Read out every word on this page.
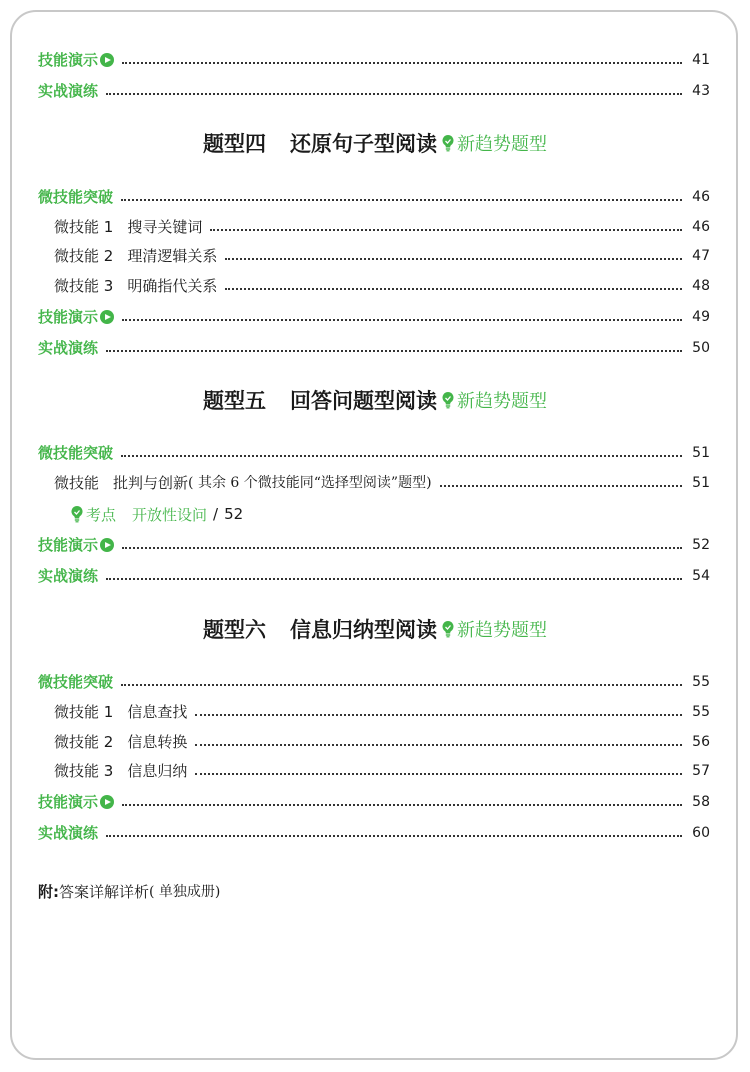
技能演示	41
实战演练	43
题型四 还原句子型阅读 新趋势题型
微技能突破	46
微技能 1 搜寻关键词	46
微技能 2 理清逻辑关系	47
微技能 3 明确指代关系	48
技能演示	49
实战演练	50
题型五 回答问题型阅读 新趋势题型
微技能突破	51
微技能 批判与创新 ( 其余 6 个微技能同“选择型阅读”题型)	51
考点 开放性设问 / 52
技能演示	52
实战演练	54
题型六 信息归纳型阅读 新趋势题型
微技能突破	55
微技能 1 信息查找	55
微技能 2 信息转换	56
微技能 3 信息归纳	57
技能演示	58
实战演练	60
附: 答案详解详析 ( 单独成册)
